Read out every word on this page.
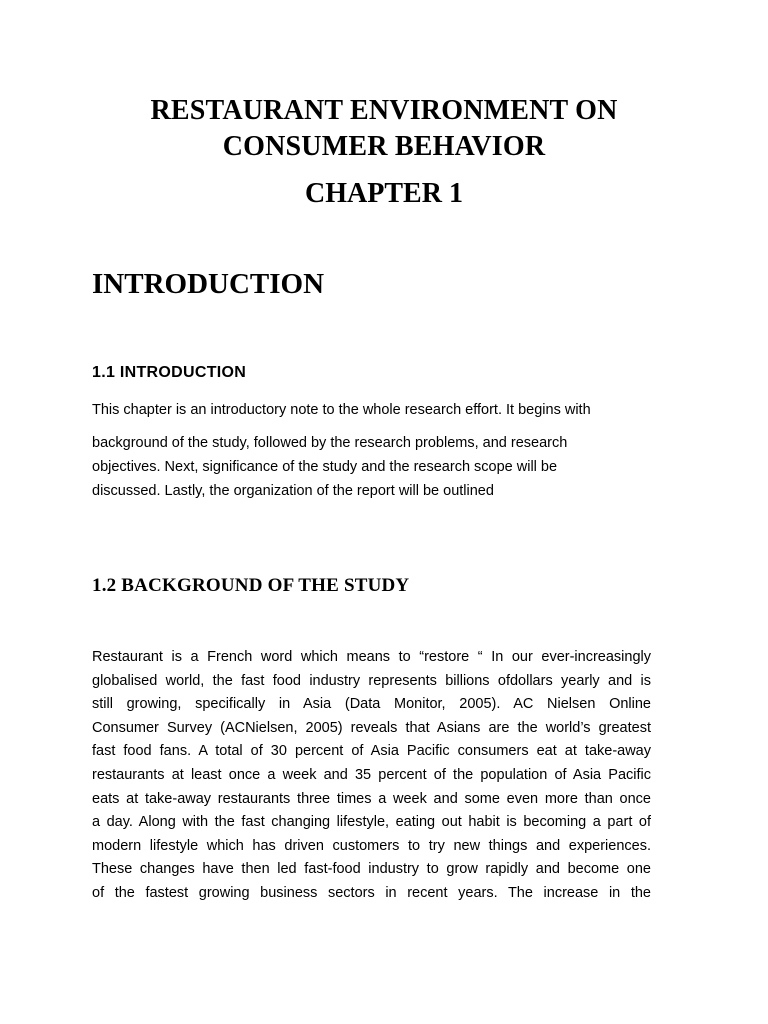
RESTAURANT ENVIRONMENT ON
CONSUMER BEHAVIOR
CHAPTER 1
INTRODUCTION
1.1 INTRODUCTION
This chapter is an introductory note to the whole research effort. It begins with
background of the study, followed by the research problems, and research
objectives. Next, significance of the study and the research scope will be
discussed. Lastly, the organization of the report will be outlined
1.2 BACKGROUND OF THE STUDY
Restaurant is a French word which means to “restore “ In our ever-increasingly
globalised world, the fast food industry represents billions ofdollars yearly and is
still growing, specifically in Asia (Data Monitor, 2005). AC Nielsen Online
Consumer Survey (ACNielsen, 2005) reveals that Asians are the world’s greatest
fast food fans. A total of 30 percent of Asia Pacific consumers eat at take-away
restaurants at least once a week and 35 percent of the population of Asia Pacific
eats at take-away restaurants three times a week and some even more than once
a day. Along with the fast changing lifestyle, eating out habit is becoming a part of
modern lifestyle which has driven customers to try new things and experiences.
These changes have then led fast-food industry to grow rapidly and become one
of the fastest growing business sectors in recent years. The increase in the
